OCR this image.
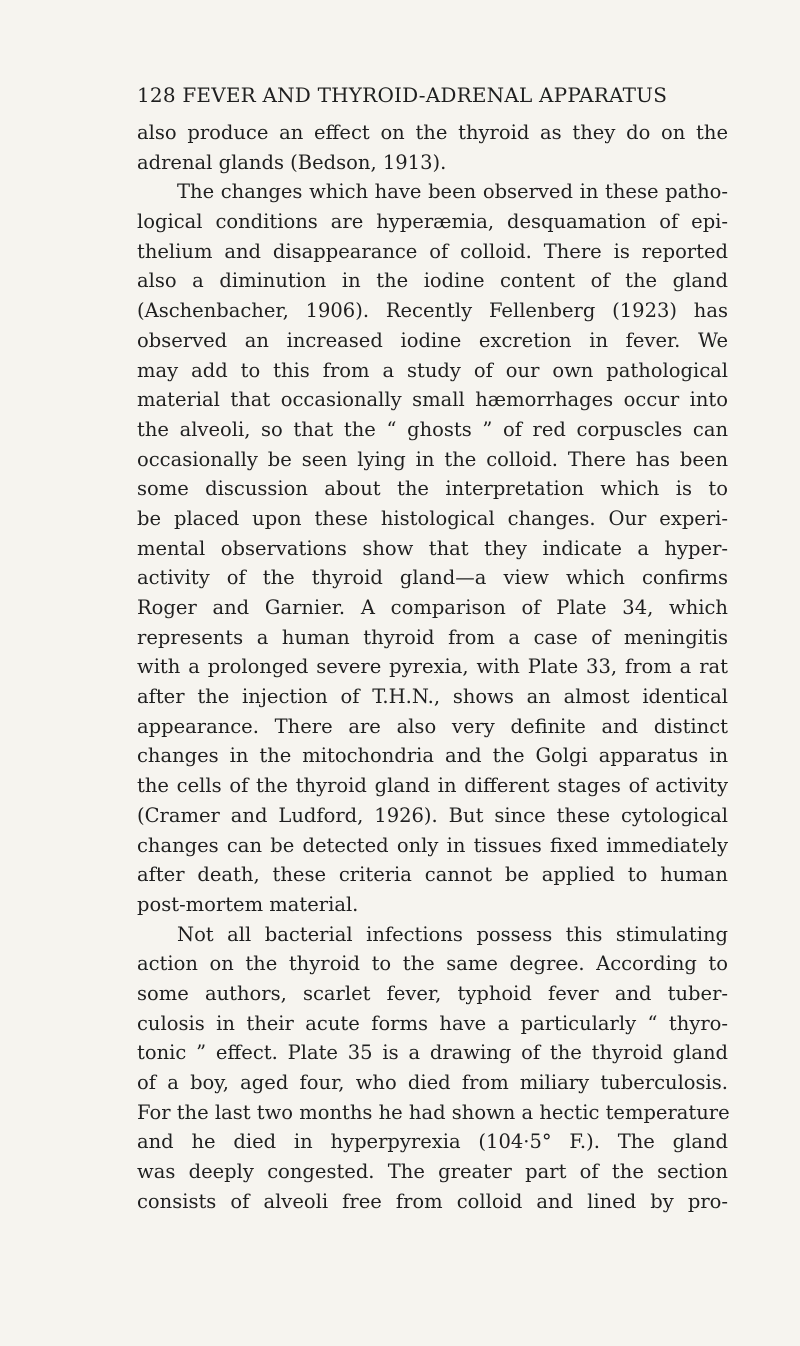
128 FEVER AND THYROID-ADRENAL APPARATUS
also produce an effect on the thyroid as they do on the
adrenal glands (Bedson, 1913).
The changes which have been observed in these patho-
logical conditions are hyperæmia, desquamation of epi-
thelium and disappearance of colloid. There is reported
also a diminution in the iodine content of the gland
(Aschenbacher, 1906). Recently Fellenberg (1923) has
observed an increased iodine excretion in fever. We
may add to this from a study of our own pathological
material that occasionally small hæmorrhages occur into
the alveoli, so that the “ ghosts ” of red corpuscles can
occasionally be seen lying in the colloid. There has been
some discussion about the interpretation which is to
be placed upon these histological changes. Our experi-
mental observations show that they indicate a hyper-
activity of the thyroid gland—a view which confirms
Roger and Garnier. A comparison of Plate 34, which
represents a human thyroid from a case of meningitis
with a prolonged severe pyrexia, with Plate 33, from a rat
after the injection of T.H.N., shows an almost identical
appearance. There are also very definite and distinct
changes in the mitochondria and the Golgi apparatus in
the cells of the thyroid gland in different stages of activity
(Cramer and Ludford, 1926). But since these cytological
changes can be detected only in tissues fixed immediately
after death, these criteria cannot be applied to human
post-mortem material.
Not all bacterial infections possess this stimulating
action on the thyroid to the same degree. According to
some authors, scarlet fever, typhoid fever and tuber-
culosis in their acute forms have a particularly “ thyro-
tonic ” effect. Plate 35 is a drawing of the thyroid gland
of a boy, aged four, who died from miliary tuberculosis.
For the last two months he had shown a hectic temperature
and he died in hyperpyrexia (104·5° F.). The gland
was deeply congested. The greater part of the section
consists of alveoli free from colloid and lined by pro-
